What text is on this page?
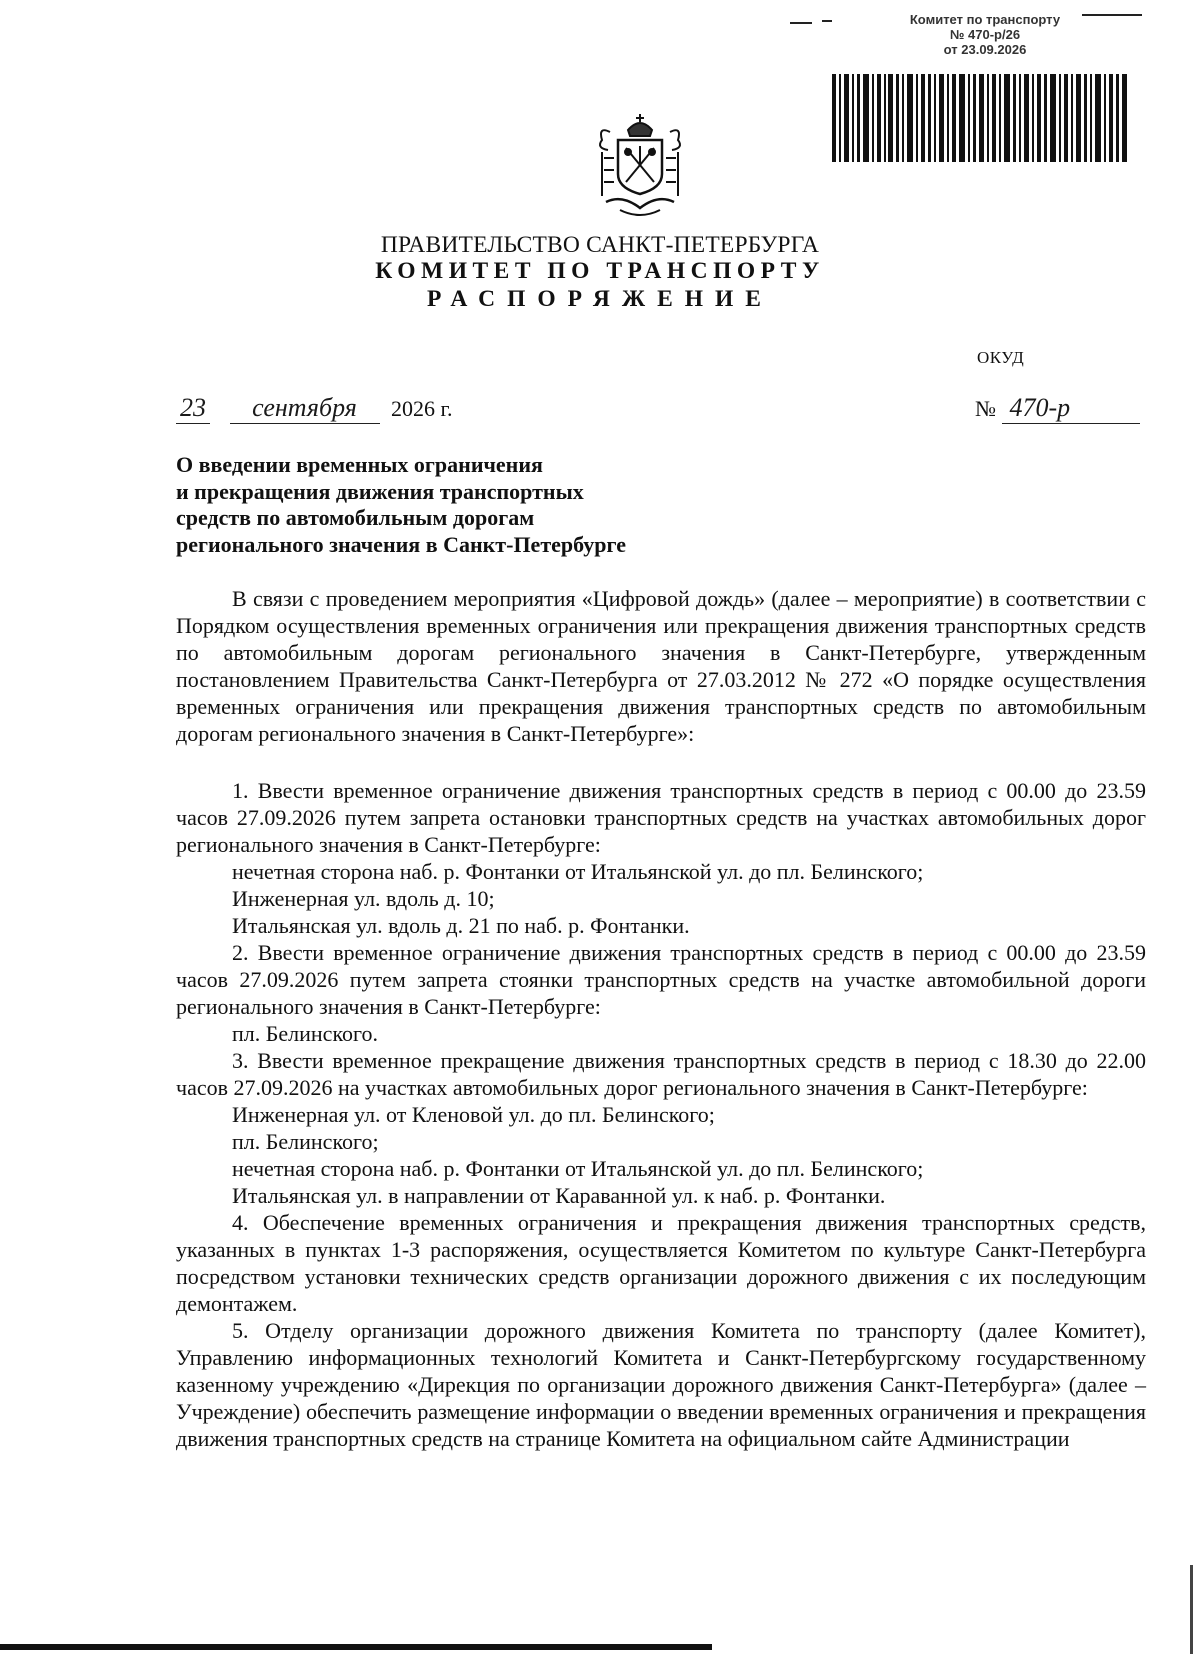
Комитет по транспорту
№ 470-р/26
от 23.09.2026
ПРАВИТЕЛЬСТВО САНКТ-ПЕТЕРБУРГА
КОМИТЕТ ПО ТРАНСПОРТУ
РАСПОРЯЖЕНИЕ
ОКУД
23 сентября 2026 г.	№ 470-р
О введении временных ограничения
и прекращения движения транспортных
средств по автомобильным дорогам
регионального значения в Санкт-Петербурге

В связи с проведением мероприятия «Цифровой дождь» (далее – мероприятие) в соответствии с Порядком осуществления временных ограничения или прекращения движения транспортных средств по автомобильным дорогам регионального значения в Санкт-Петербурге, утвержденным постановлением Правительства Санкт-Петербурга от 27.03.2012 № 272 «О порядке осуществления временных ограничения или прекращения движения транспортных средств по автомобильным дорогам регионального значения в Санкт-Петербурге»:

1. Ввести временное ограничение движения транспортных средств в период с 00.00 до 23.59 часов 27.09.2026 путем запрета остановки транспортных средств на участках автомобильных дорог регионального значения в Санкт-Петербурге:

нечетная сторона наб. р. Фонтанки от Итальянской ул. до пл. Белинского;

Инженерная ул. вдоль д. 10;

Итальянская ул. вдоль д. 21 по наб. р. Фонтанки.

2. Ввести временное ограничение движения транспортных средств в период с 00.00 до 23.59 часов 27.09.2026 путем запрета стоянки транспортных средств на участке автомобильной дороги регионального значения в Санкт-Петербурге:

пл. Белинского.

3. Ввести временное прекращение движения транспортных средств в период с 18.30 до 22.00 часов 27.09.2026 на участках автомобильных дорог регионального значения в Санкт-Петербурге:

Инженерная ул. от Кленовой ул. до пл. Белинского;

пл. Белинского;

нечетная сторона наб. р. Фонтанки от Итальянской ул. до пл. Белинского;

Итальянская ул. в направлении от Караванной ул. к наб. р. Фонтанки.

4. Обеспечение временных ограничения и прекращения движения транспортных средств, указанных в пунктах 1-3 распоряжения, осуществляется Комитетом по культуре Санкт-Петербурга посредством установки технических средств организации дорожного движения с их последующим демонтажем.

5. Отделу организации дорожного движения Комитета по транспорту (далее Комитет), Управлению информационных технологий Комитета и Санкт-Петербургскому государственному казенному учреждению «Дирекция по организации дорожного движения Санкт-Петербурга» (далее – Учреждение) обеспечить размещение информации о введении временных ограничения и прекращения движения транспортных средств на странице Комитета на официальном сайте Администрации
